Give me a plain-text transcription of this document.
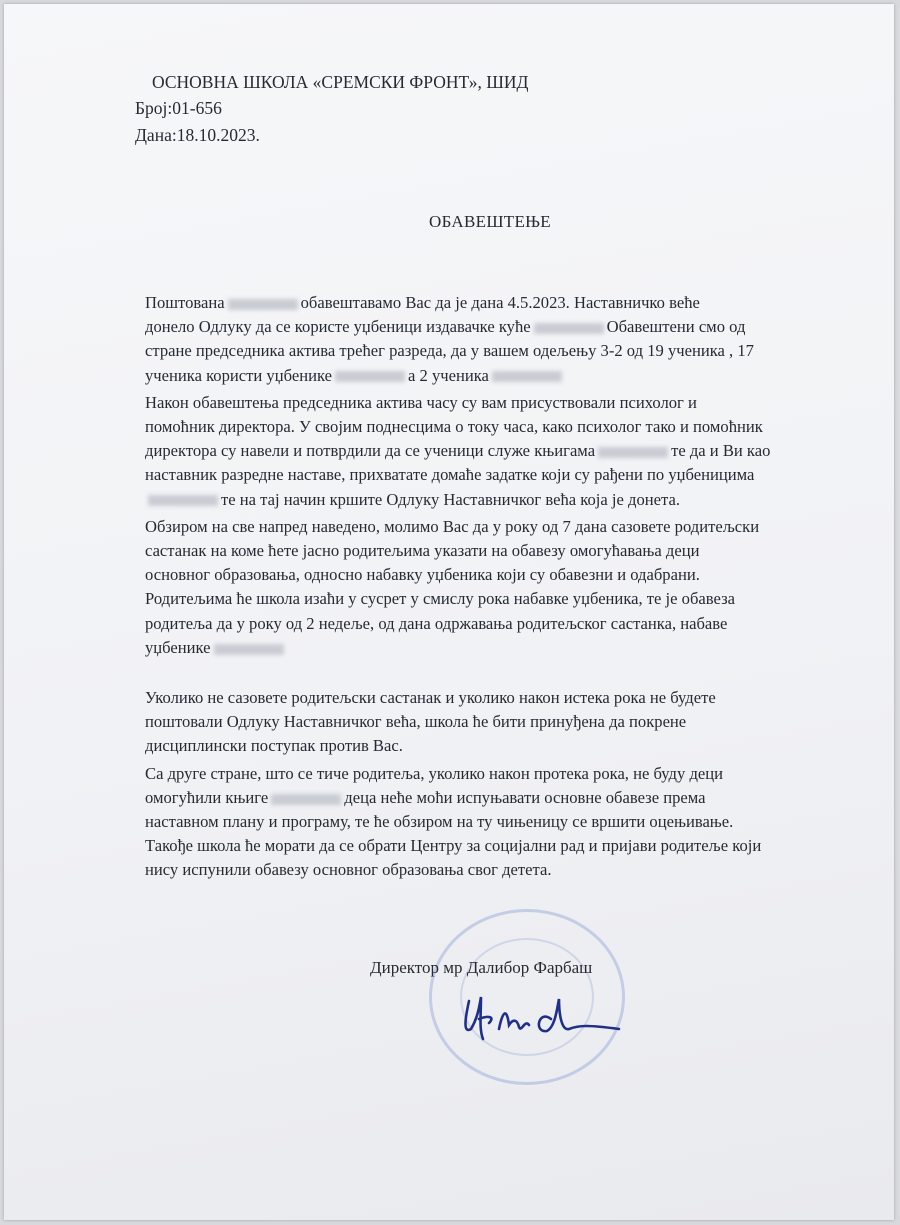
ОСНОВНА ШКОЛА «СРЕМСКИ ФРОНТ», ШИД
Број:01-656
Дана:18.10.2023.
ОБАВЕШТЕЊЕ
Поштована	обавештавамо Вас да је дана 4.5.2023. Наставничко веће
донело Одлуку да се користе уџбеници издавачке куће	Обавештени смо од
стране председника актива трећег разреда, да у вашем одељењу 3-2 од 19 ученика , 17
ученика користи уџбенике	а 2 ученика
Након обавештења председника актива часу су вам присуствовали психолог и
помоћник директора. У својим поднесцима о току часа, како психолог тако и помоћник
директора су навели и потврдили да се ученици служе књигама	те да и Ви као
наставник разредне наставе, прихватате домаће задатке који су рађени по уџбеницима
те на тај начин кршите Одлуку Наставничког већа која је донета.
Обзиром на све напред наведено, молимо Вас да у року од 7 дана сазовете родитељски
састанак на коме ћете јасно родитељима указати на обавезу омогућавања деци
основног образовања, односно набавку уџбеника који су обавезни и одабрани.
Родитељима ће школа изаћи у сусрет у смислу рока набавке уџбеника, те је обавеза
родитеља да у року од 2 недеље, од дана одржавања родитељског састанка, набаве
уџбенике
Уколико не сазовете родитељски састанак и уколико након истека рока не будете
поштовали Одлуку Наставничког већа, школа ће бити принуђена да покрене
дисциплински поступак против Вас.
Са друге стране, што се тиче родитеља, уколико након протека рока, не буду деци
омогућили књиге	деца неће моћи испуњавати основне обавезе према
наставном плану и програму, те ће обзиром на ту чињеницу се вршити оцењивање.
Такође школа ће морати да се обрати Центру за социјални рад и пријави родитеље који
нису испунили обавезу основног образовања свог детета.
Директор мр Далибор Фарбаш
